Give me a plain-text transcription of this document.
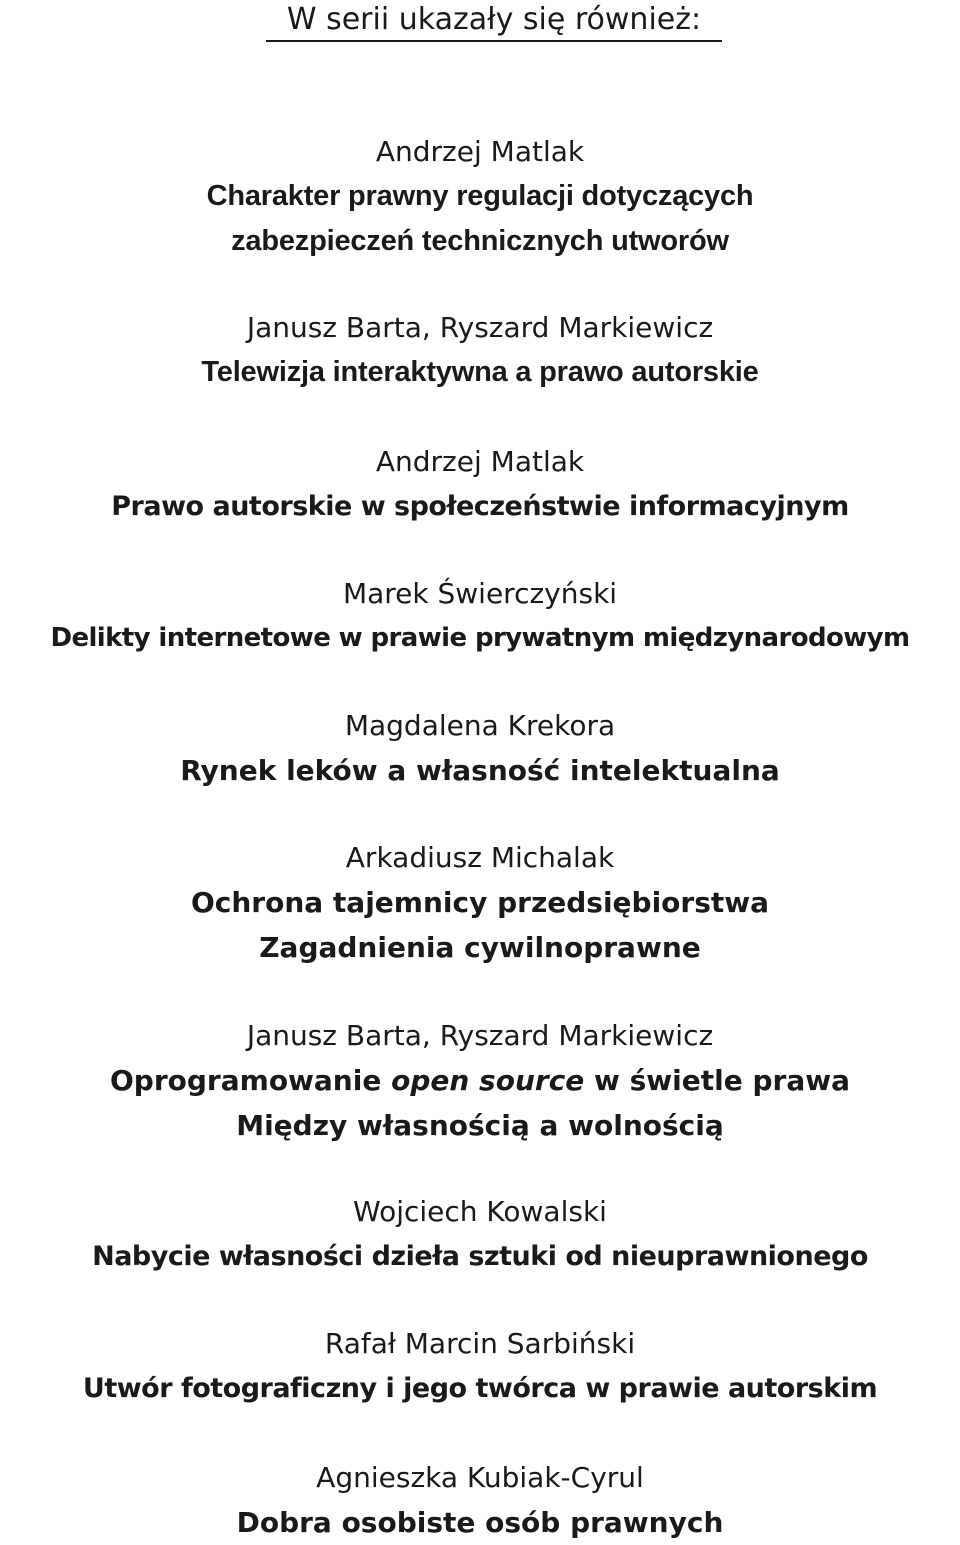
W serii ukazały się również:
Andrzej Matlak
Charakter prawny regulacji dotyczących
zabezpieczeń technicznych utworów
Janusz Barta, Ryszard Markiewicz
Telewizja interaktywna a prawo autorskie
Andrzej Matlak
Prawo autorskie w społeczeństwie informacyjnym
Marek Świerczyński
Delikty internetowe w prawie prywatnym międzynarodowym
Magdalena Krekora
Rynek leków a własność intelektualna
Arkadiusz Michalak
Ochrona tajemnicy przedsiębiorstwa
Zagadnienia cywilnoprawne
Janusz Barta, Ryszard Markiewicz
Oprogramowanie open source w świetle prawa
Między własnością a wolnością
Wojciech Kowalski
Nabycie własności dzieła sztuki od nieuprawnionego
Rafał Marcin Sarbiński
Utwór fotograficzny i jego twórca w prawie autorskim
Agnieszka Kubiak-Cyrul
Dobra osobiste osób prawnych
